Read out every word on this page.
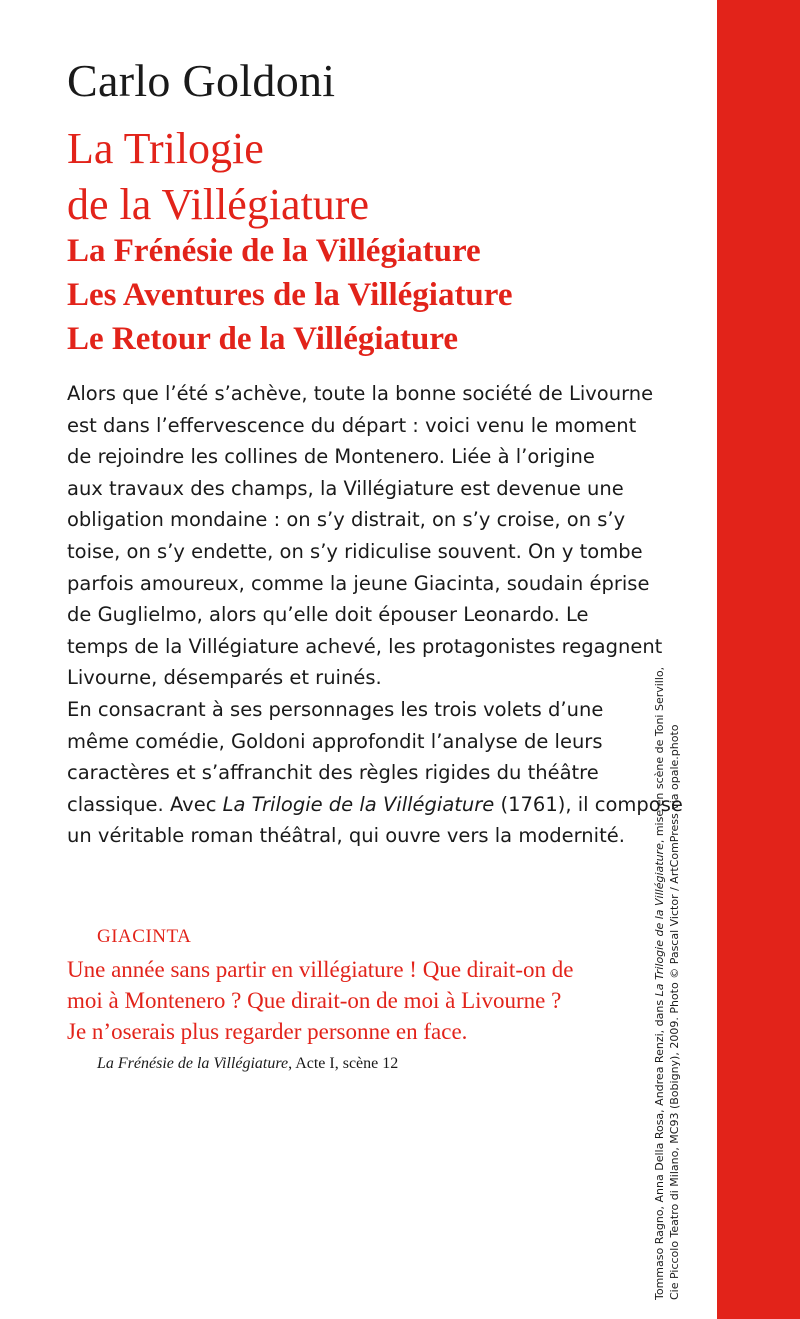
Carlo Goldoni
La Trilogie
de la Villégiature
La Frénésie de la Villégiature
Les Aventures de la Villégiature
Le Retour de la Villégiature
Alors que l’été s’achève, toute la bonne société de Livourne
est dans l’effervescence du départ : voici venu le moment
de rejoindre les collines de Montenero. Liée à l’origine
aux travaux des champs, la Villégiature est devenue une
obligation mondaine : on s’y distrait, on s’y croise, on s’y
toise, on s’y endette, on s’y ridiculise souvent. On y tombe
parfois amoureux, comme la jeune Giacinta, soudain éprise
de Guglielmo, alors qu’elle doit épouser Leonardo. Le
temps de la Villégiature achevé, les protagonistes regagnent
Livourne, désemparés et ruinés.
En consacrant à ses personnages les trois volets d’une
même comédie, Goldoni approfondit l’analyse de leurs
caractères et s’affranchit des règles rigides du théâtre
classique. Avec La Trilogie de la Villégiature (1761), il compose
un véritable roman théâtral, qui ouvre vers la modernité.
GIACINTA
Une année sans partir en villégiature ! Que dirait-on de
moi à Montenero ? Que dirait-on de moi à Livourne ?
Je n’oserais plus regarder personne en face.
La Frénésie de la Villégiature, Acte I, scène 12	Tommaso Ragno, Anna Della Rosa, Andrea Renzi, dans La Trilogie de la Villégiature, mise en scène de Toni Servillo, Cie Piccolo Teatro di Milano, MC93 (Bobigny), 2009. Photo © Pascal Victor / ArtComPress via opale.photo
